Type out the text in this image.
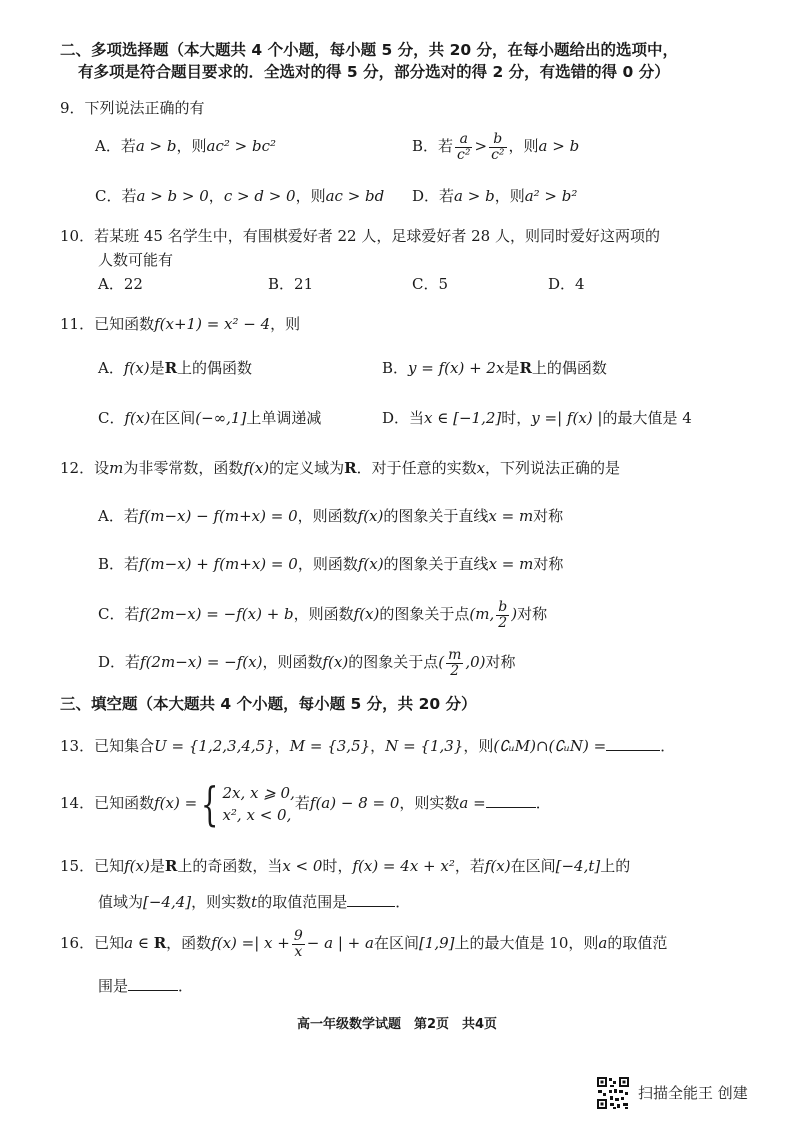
二、多项选择题（本大题共 4 个小题，每小题 5 分，共 20 分，在每小题给出的选项中，
有多项是符合题目要求的．全选对的得 5 分，部分选对的得 2 分，有选错的得 0 分）
9．下列说法正确的有
A．若a > b，则ac² > bc²	B．若 $\frac{a}{\text{c²}} > \frac{b}{\text{c²}}$ ，则a > b
C．若a > b > 0，c > d > 0，则ac > bd D．若a > b，则a² > b²
10．若某班 45 名学生中，有围棋爱好者 22 人，足球爱好者 28 人，则同时爱好这两项的
人数可能有
A．22	B．21	C．5	D．4
11．已知函数f(x+1) = x² − 4，则
A．f(x)是R上的偶函数	B．y = f(x) + 2x是R上的偶函数
C．f(x)在区间(−∞,1]上单调递减	D．当x ∈ [−1,2]时，y =| f(x) |的最大值是 4
12．设m为非零常数，函数f(x)的定义域为R．对于任意的实数x，下列说法正确的是
A．若f(m−x) − f(m+x) = 0，则函数f(x)的图象关于直线x = m对称
B．若f(m−x) + f(m+x) = 0，则函数f(x)的图象关于直线x = m对称
C．若f(2m−x) = −f(x) + b，则函数f(x)的图象关于点(m, $\frac{b}{2}$ )对称
D．若f(2m−x) = −f(x)，则函数f(x)的图象关于点( $\frac{m}{2} ,0$)对称
三、填空题（本大题共 4 个小题，每小题 5 分，共 20 分）
13．已知集合U = {1,2,3,4,5}，M = {3,5}，N = {1,3}，则(∁ᵤM)∩(∁ᵤN) =	．
14．已知函数f(x) ={ 2x, x ⩾ 0,
x², x < 0,
若f(a) − 8 = 0，则实数a =	．
15．已知f(x)是R上的奇函数，当x < 0时，f(x) = 4x + x²，若f(x)在区间[−4,t]上的
值域为[−4,4]，则实数t的取值范围是	．
16．已知a ∈ R，函数f(x) =| $x + \frac{9}{x} - a$ | + a在区间[1,9]上的最大值是 10，则a的取值范
围是	．
高一年级数学试题　第2页　共4页
扫描全能王 创建
